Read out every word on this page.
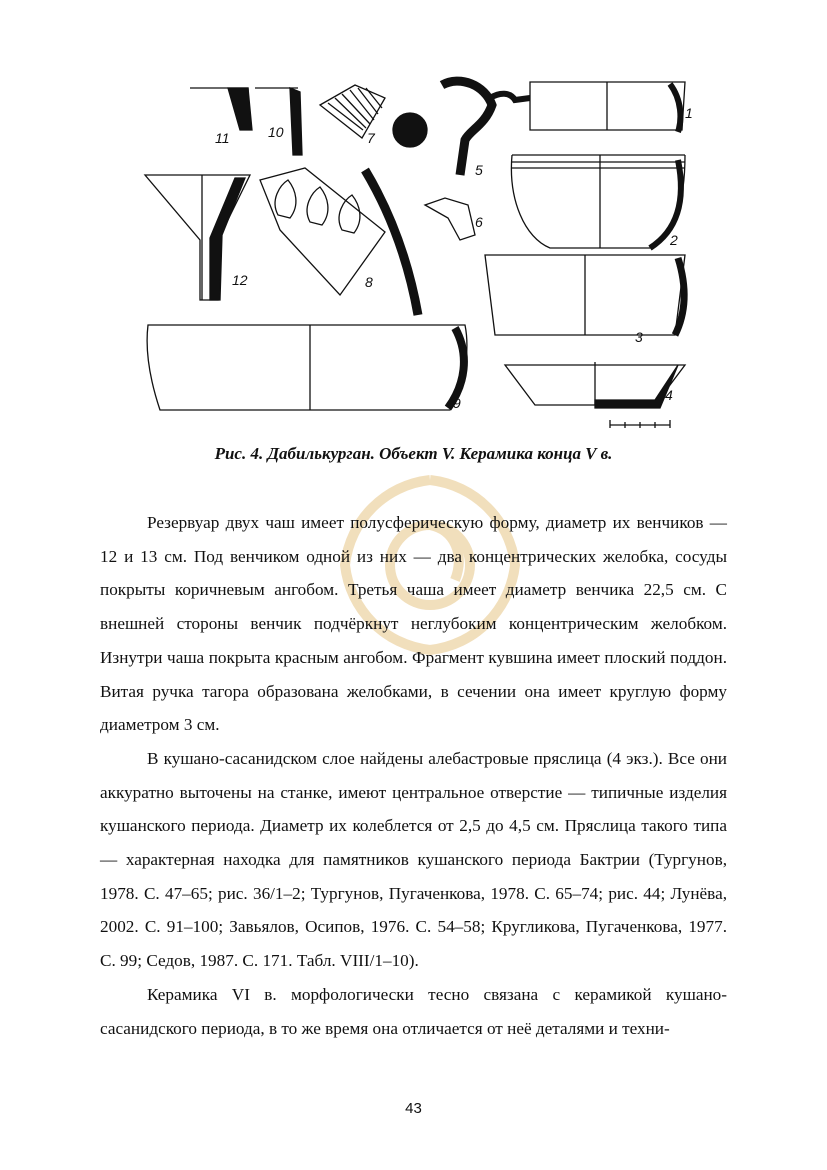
1
2
3
4
5
6
7
8
9
10
11
12
Рис. 4. Дабилькурган. Объект V. Керамика конца V в.

Резервуар двух чаш имеет полусферическую форму, диаметр их венчиков — 12 и 13 см. Под венчиком одной из них — два концентрических желобка, сосуды покрыты коричневым ангобом. Третья чаша имеет диаметр венчика 22,5 см. С внешней стороны венчик подчёркнут неглубоким концентрическим желобком. Изнутри чаша покрыта красным ангобом. Фрагмент кувшина имеет плоский поддон. Витая ручка тагора образована желобками, в сечении она имеет круглую форму диаметром 3 см.

В кушано-сасанидском слое найдены алебастровые пряслица (4 экз.). Все они аккуратно выточены на станке, имеют центральное отверстие — типичные изделия кушанского периода. Диаметр их колеблется от 2,5 до 4,5 см. Пряслица такого типа — характерная находка для памятников кушанского периода Бактрии (Тургунов, 1978. С. 47–65; рис. 36/1–2; Тургунов, Пугаченкова, 1978. С. 65–74; рис. 44; Лунёва, 2002. С. 91–100; Завьялов, Осипов, 1976. С. 54–58; Кругликова, Пугаченкова, 1977. С. 99; Седов, 1987. С. 171. Табл. VIII/1–10).

Керамика VI в. морфологически тесно связана с керамикой кушано-сасанидского периода, в то же время она отличается от неё деталями и техни-

43
